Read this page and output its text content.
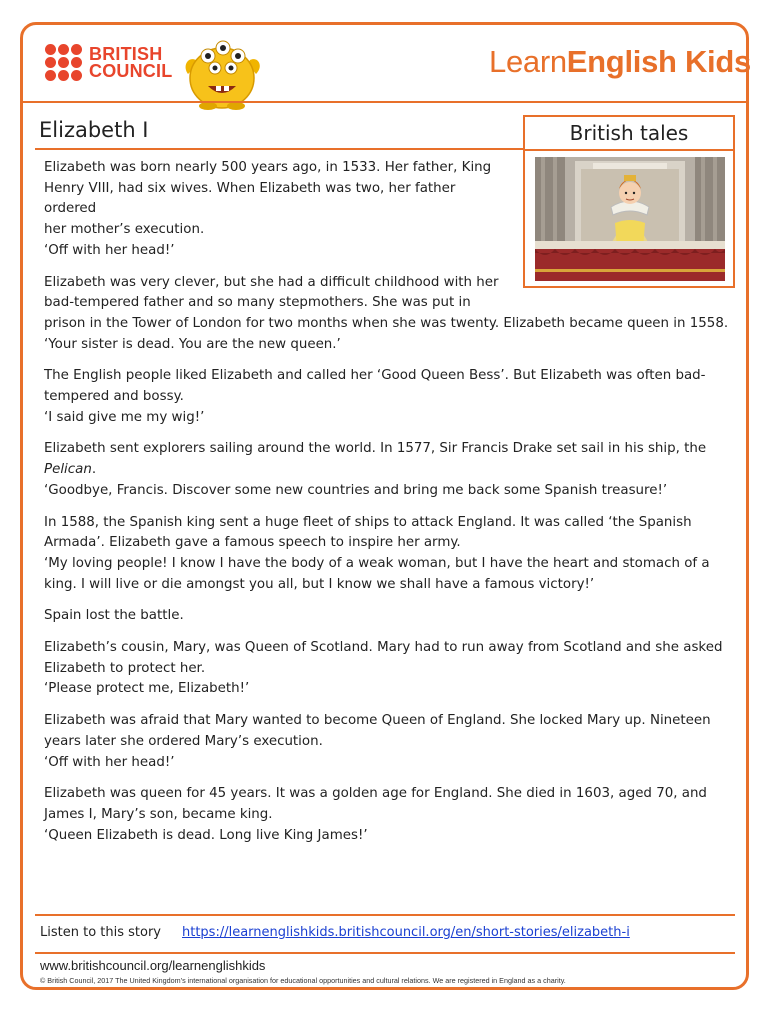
BRITISH
COUNCIL	LearnEnglish Kids
Elizabeth I	British tales

Elizabeth was born nearly 500 years ago, in 1533. Her father, King
Henry VIII, had six wives. When Elizabeth was two, her father ordered
her mother’s execution.
‘Off with her head!’

Elizabeth was very clever, but she had a difficult childhood with her
bad-tempered father and so many stepmothers. She was put in
prison in the Tower of London for two months when she was twenty. Elizabeth became queen in 1558.
‘Your sister is dead. You are the new queen.’

The English people liked Elizabeth and called her ‘Good Queen Bess’. But Elizabeth was often bad-
tempered and bossy.
‘I said give me my wig!’

Elizabeth sent explorers sailing around the world. In 1577, Sir Francis Drake set sail in his ship, the
Pelican.
‘Goodbye, Francis. Discover some new countries and bring me back some Spanish treasure!’

In 1588, the Spanish king sent a huge fleet of ships to attack England. It was called ‘the Spanish
Armada’. Elizabeth gave a famous speech to inspire her army.
‘My loving people! I know I have the body of a weak woman, but I have the heart and stomach of a
king. I will live or die amongst you all, but I know we shall have a famous victory!’

Spain lost the battle.

Elizabeth’s cousin, Mary, was Queen of Scotland. Mary had to run away from Scotland and she asked
Elizabeth to protect her.
‘Please protect me, Elizabeth!’

Elizabeth was afraid that Mary wanted to become Queen of England. She locked Mary up. Nineteen
years later she ordered Mary’s execution.
‘Off with her head!’

Elizabeth was queen for 45 years. It was a golden age for England. She died in 1603, aged 70, and
James I, Mary’s son, became king.
‘Queen Elizabeth is dead. Long live King James!’

Listen to this story https://learnenglishkids.britishcouncil.org/en/short-stories/elizabeth-i
www.britishcouncil.org/learnenglishkids
© British Council, 2017 The United Kingdom’s international organisation for educational opportunities and cultural relations. We are registered in England as a charity.
